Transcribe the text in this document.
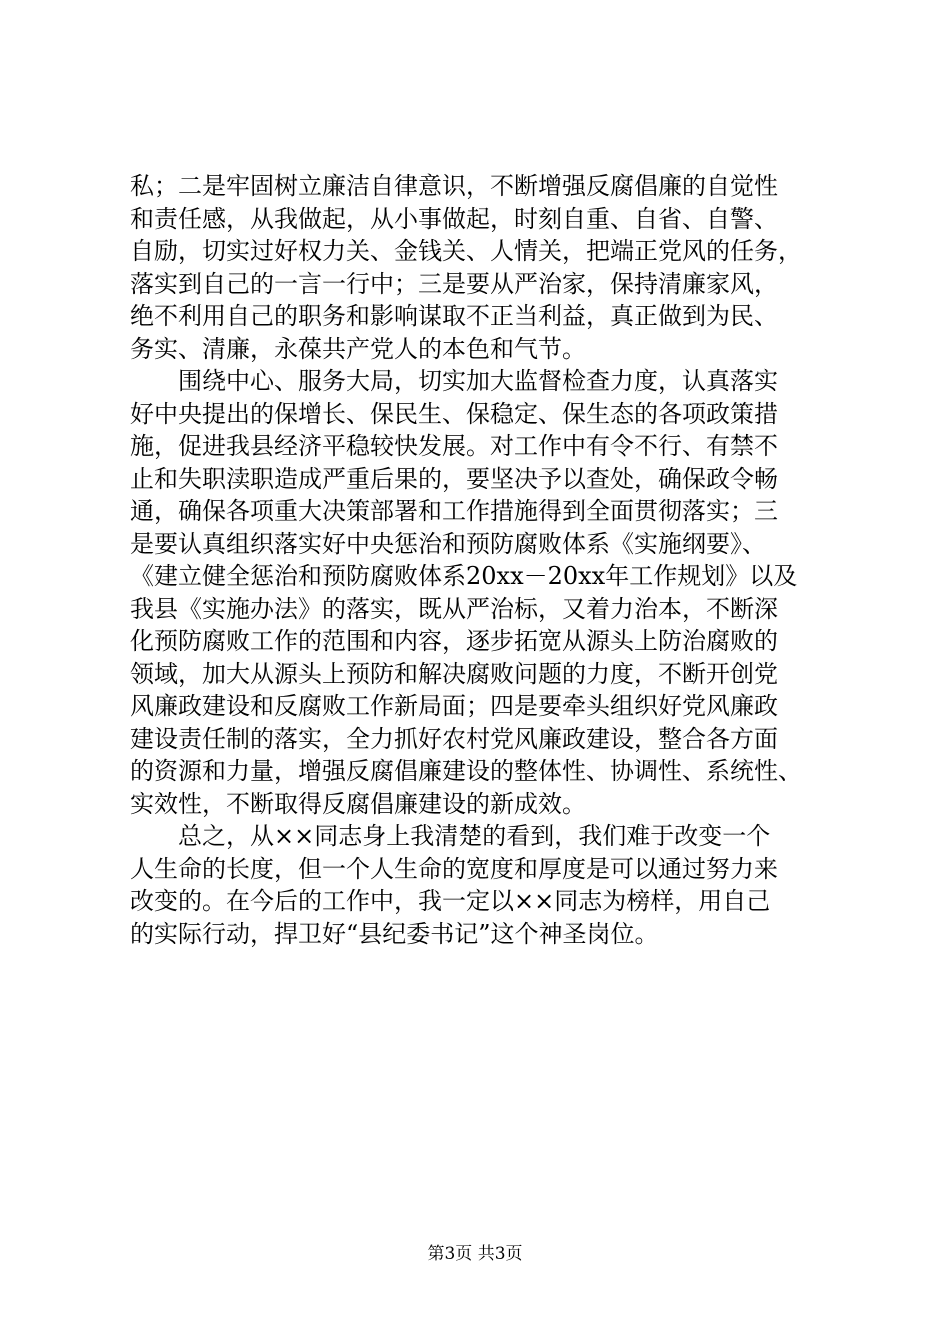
私；二是牢固树立廉洁自律意识，不断增强反腐倡廉的自觉性
和责任感，从我做起，从小事做起，时刻自重、自省、自警、
自励，切实过好权力关、金钱关、人情关，把端正党风的任务，
落实到自己的一言一行中；三是要从严治家，保持清廉家风，
绝不利用自己的职务和影响谋取不正当利益，真正做到为民、
务实、清廉，永葆共产党人的本色和气节。
　　围绕中心、服务大局，切实加大监督检查力度，认真落实
好中央提出的保增长、保民生、保稳定、保生态的各项政策措
施，促进我县经济平稳较快发展。对工作中有令不行、有禁不
止和失职渎职造成严重后果的，要坚决予以查处，确保政令畅
通，确保各项重大决策部署和工作措施得到全面贯彻落实；三
是要认真组织落实好中央惩治和预防腐败体系《实施纲要》、
《建立健全惩治和预防腐败体系20xx－20xx年工作规划》以及
我县《实施办法》的落实，既从严治标，又着力治本，不断深
化预防腐败工作的范围和内容，逐步拓宽从源头上防治腐败的
领域，加大从源头上预防和解决腐败问题的力度，不断开创党
风廉政建设和反腐败工作新局面；四是要牵头组织好党风廉政
建设责任制的落实，全力抓好农村党风廉政建设，整合各方面
的资源和力量，增强反腐倡廉建设的整体性、协调性、系统性、
实效性，不断取得反腐倡廉建设的新成效。
　　总之，从××同志身上我清楚的看到，我们难于改变一个
人生命的长度，但一个人生命的宽度和厚度是可以通过努力来
改变的。在今后的工作中，我一定以××同志为榜样，用自己
的实际行动，捍卫好“县纪委书记”这个神圣岗位。
第3页 共3页
